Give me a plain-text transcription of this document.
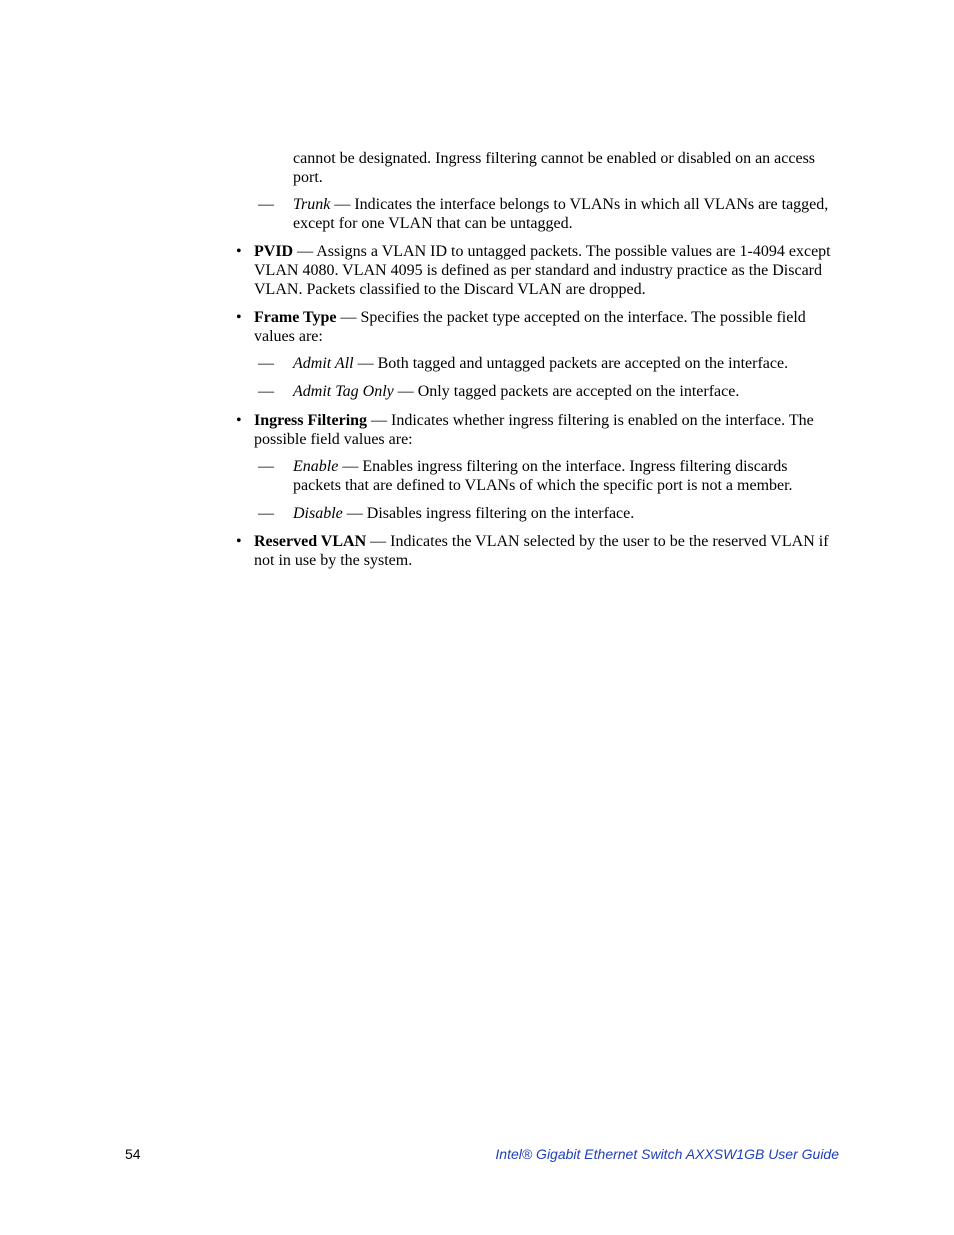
cannot be designated. Ingress filtering cannot be enabled or disabled on an access port.
— Trunk — Indicates the interface belongs to VLANs in which all VLANs are tagged, except for one VLAN that can be untagged.
• PVID — Assigns a VLAN ID to untagged packets. The possible values are 1-4094 except VLAN 4080. VLAN 4095 is defined as per standard and industry practice as the Discard VLAN. Packets classified to the Discard VLAN are dropped.
• Frame Type — Specifies the packet type accepted on the interface. The possible field values are:
— Admit All — Both tagged and untagged packets are accepted on the interface.
— Admit Tag Only — Only tagged packets are accepted on the interface.
• Ingress Filtering — Indicates whether ingress filtering is enabled on the interface. The possible field values are:
— Enable — Enables ingress filtering on the interface. Ingress filtering discards packets that are defined to VLANs of which the specific port is not a member.
— Disable — Disables ingress filtering on the interface.
• Reserved VLAN — Indicates the VLAN selected by the user to be the reserved VLAN if not in use by the system.
54	Intel® Gigabit Ethernet Switch AXXSW1GB User Guide
